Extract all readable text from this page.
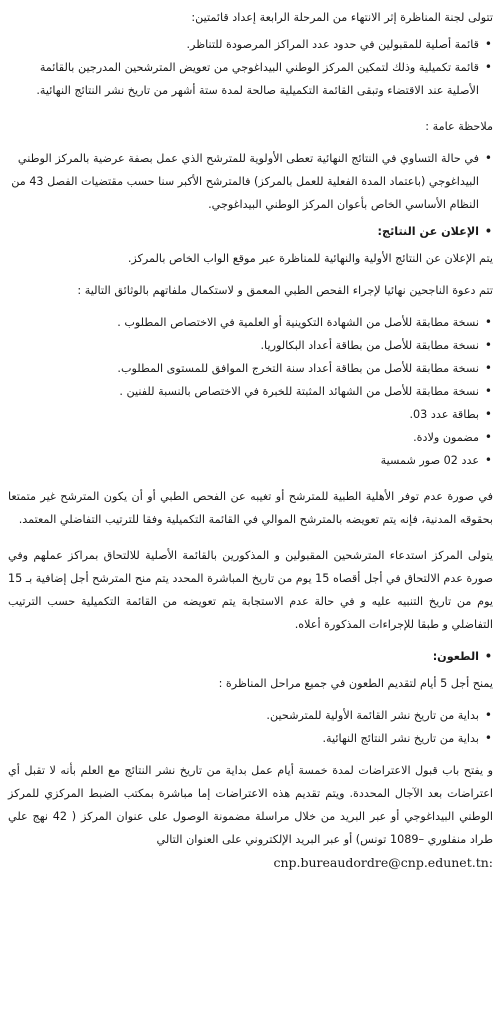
تتولى لجنة المناظرة إثر الانتهاء من المرحلة الرابعة إعداد قائمتين:

• قائمة أصلية للمقبولين في حدود عدد المراكز المرصودة للتناظر.
• قائمة تكميلية وذلك لتمكين المركز الوطني البيداغوجي من تعويض المترشحين المدرجين بالقائمة الأصلية عند الاقتضاء وتبقى القائمة التكميلية صالحة لمدة ستة أشهر من تاريخ نشر النتائج النهائية.

ملاحظة عامة :

• في حالة التساوي في النتائج النهائية تعطى الأولوية للمترشح الذي عمل بصفة عرضية بالمركز الوطني البيداغوجي (باعتماد المدة الفعلية للعمل بالمركز) فالمترشح الأكبر سنا حسب مقتضيات الفصل 43 من النظام الأساسي الخاص بأعوان المركز الوطني البيداغوجي.

• الإعلان عن النتائج:

يتم الإعلان عن النتائج الأولية والنهائية للمناظرة عبر موقع الواب الخاص بالمركز.

تتم دعوة الناجحين نهائيا لإجراء الفحص الطبي المعمق و لاستكمال ملفاتهم بالوثائق التالية :

• نسخة مطابقة للأصل من الشهادة التكوينية أو العلمية في الاختصاص المطلوب .
• نسخة مطابقة للأصل من بطاقة أعداد البكالوريا.
• نسخة مطابقة للأصل من بطاقة أعداد سنة التخرج الموافق للمستوى المطلوب.
• نسخة مطابقة للأصل من الشهائد المثبتة للخبرة في الاختصاص بالنسبة للفنين .
• بطاقة عدد 03.
• مضمون ولادة.
• عدد 02 صور شمسية

في صورة عدم توفر الأهلية الطبية للمترشح أو تغيبه عن الفحص الطبي أو أن يكون المترشح غير متمتعا بحقوقه المدنية، فإنه يتم تعويضه بالمترشح الموالي في القائمة التكميلية وفقا للترتيب التفاضلي المعتمد.

يتولى المركز استدعاء المترشحين المقبولين و المذكورين بالقائمة الأصلية للالتحاق بمراكز عملهم وفي صورة عدم الالتحاق في أجل أقصاه 15 يوم من تاريخ المباشرة المحدد يتم منح المترشح أجل إضافية بـ 15 يوم من تاريخ التنبيه عليه و في حالة عدم الاستجابة يتم تعويضه من القائمة التكميلية حسب الترتيب التفاضلي و طبقا للإجراءات المذكورة أعلاه.

• الطعون:

يمنح أجل 5 أيام لتقديم الطعون في جميع مراحل المناظرة :

• بداية من تاريخ نشر القائمة الأولية للمترشحين.
• بداية من تاريخ نشر النتائج النهائية.

و يفتح باب قبول الاعتراضات لمدة خمسة أيام عمل بداية من تاريخ نشر النتائج مع العلم بأنه لا تقبل أي اعتراضات بعد الآجال المحددة. ويتم تقديم هذه الاعتراضات إما مباشرة بمكتب الضبط المركزي للمركز الوطني البيداغوجي أو عبر البريد من خلال مراسلة مضمونة الوصول على عنوان المركز ( 42 نهج علي طراد منفلوري –1089 تونس) أو عبر البريد الإلكتروني على العنوان التالي

cnp.bureaudordre@cnp.edunet.tn:
